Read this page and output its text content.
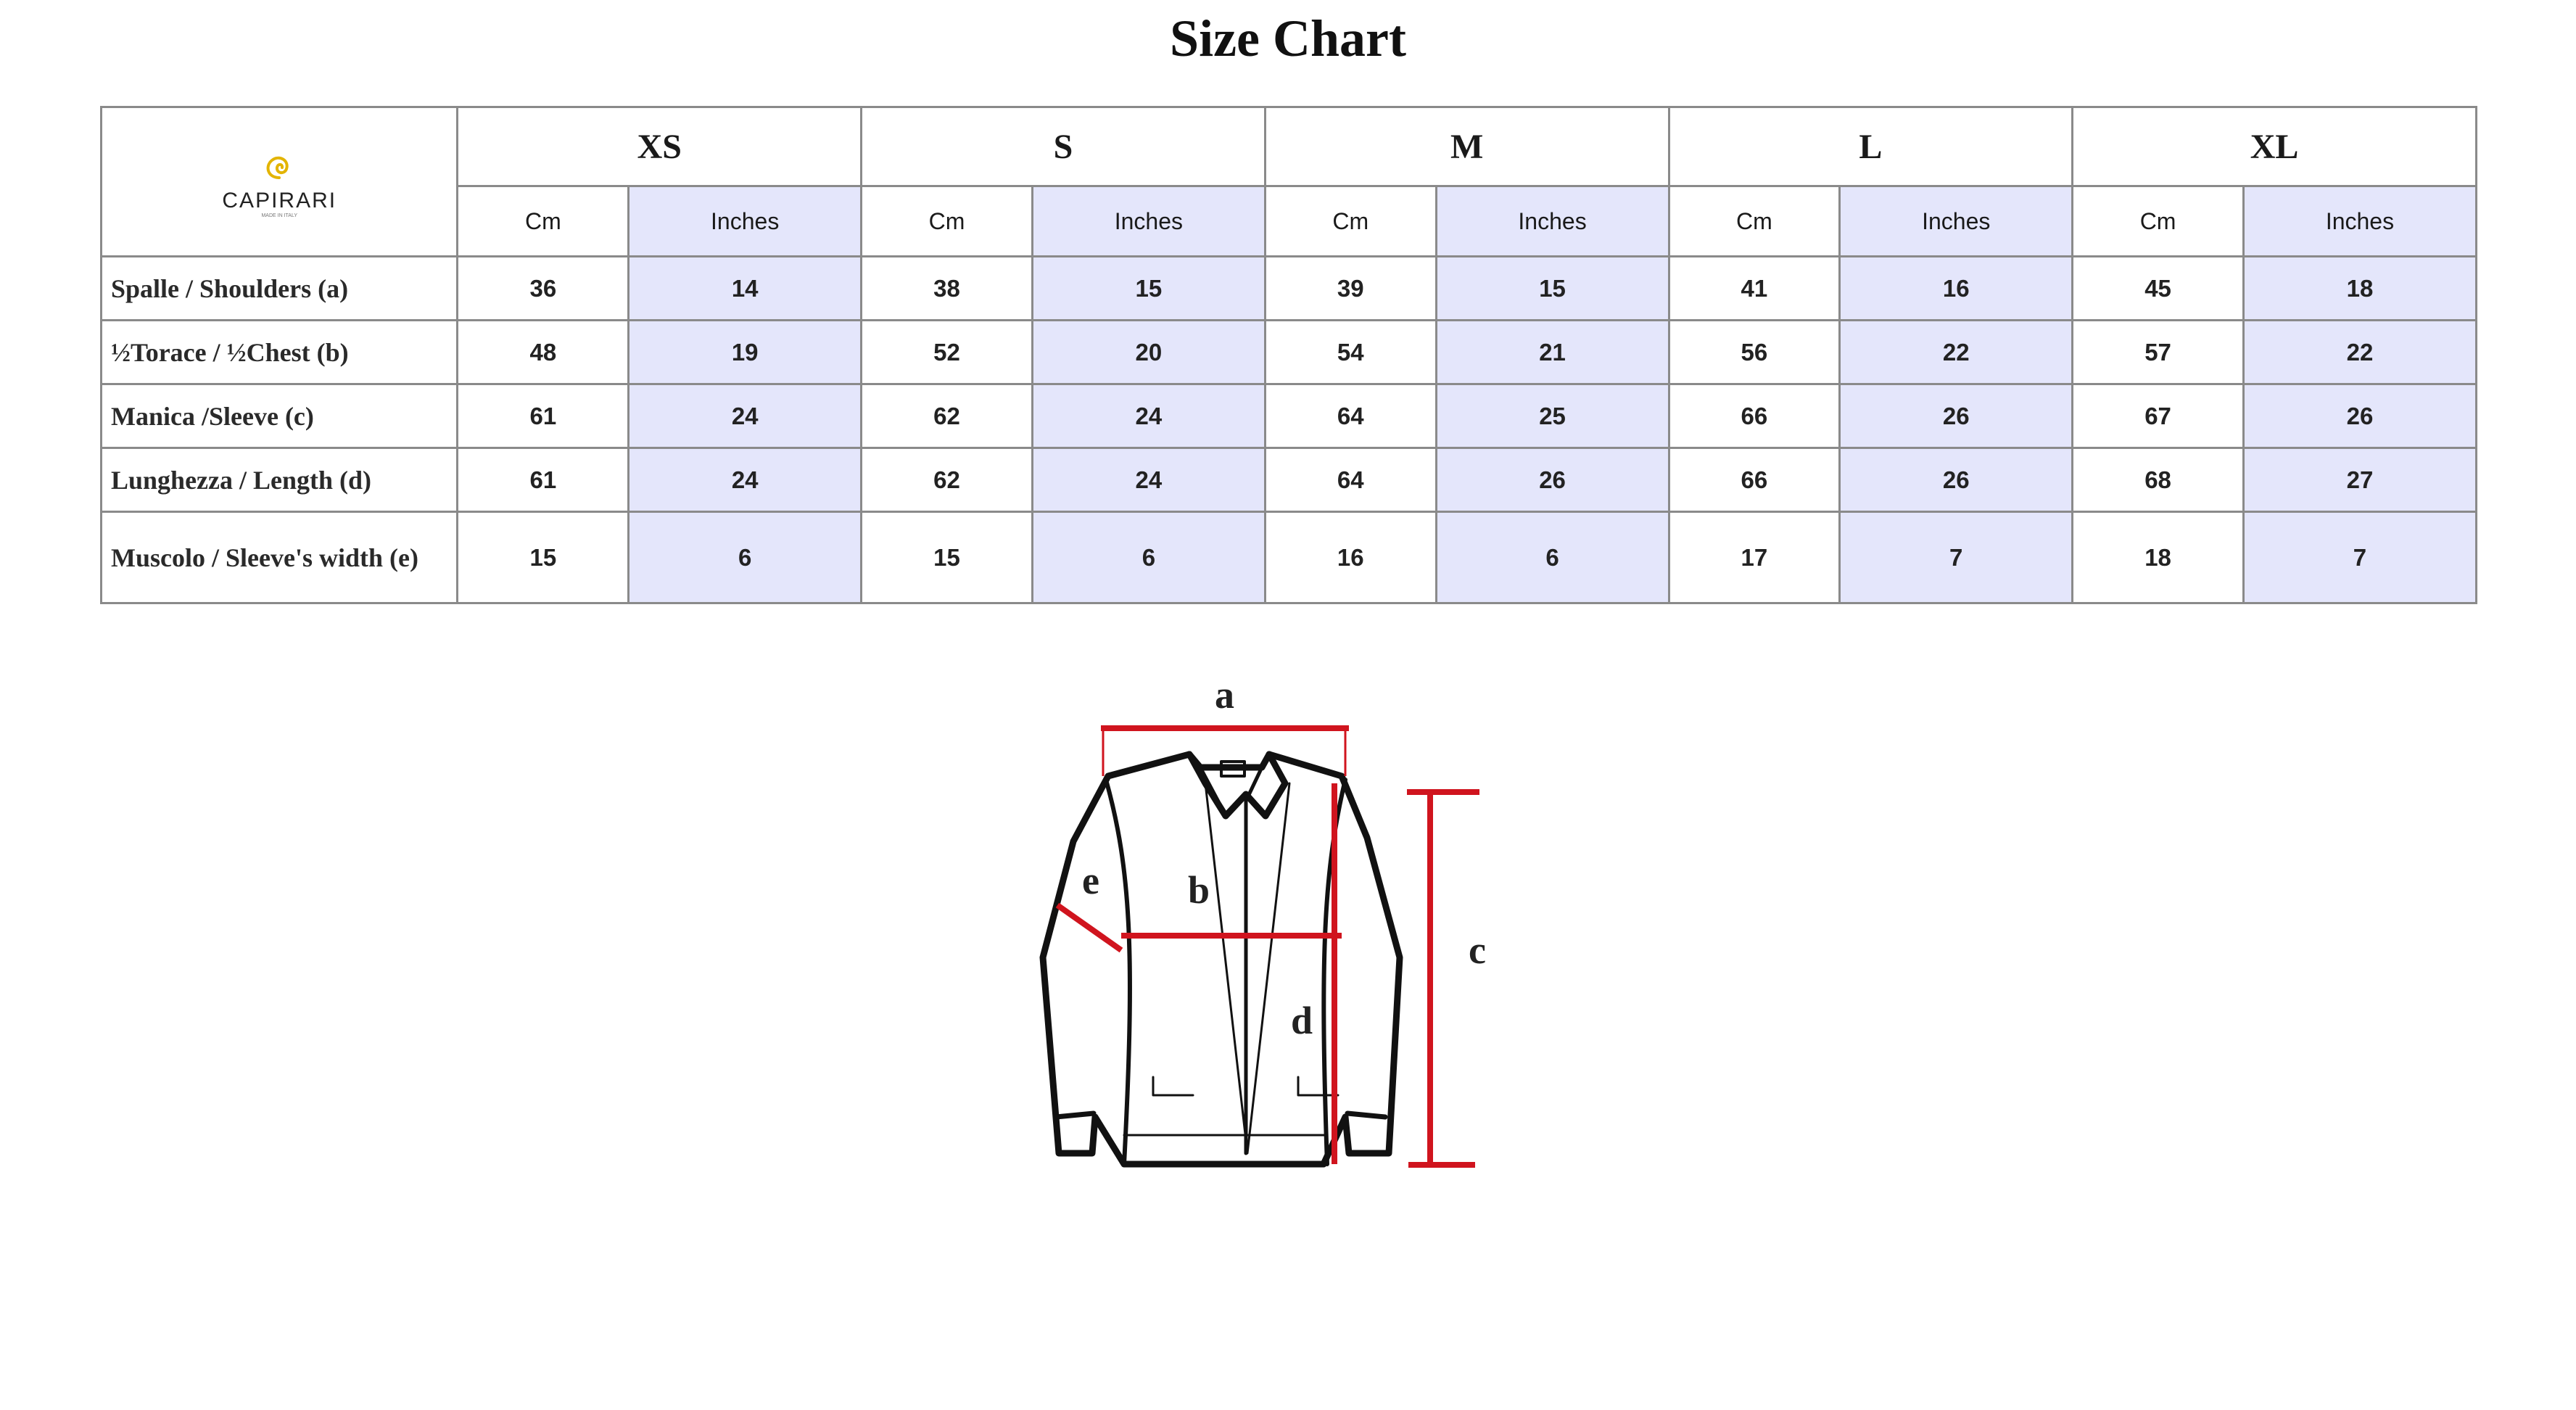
Size Chart
CAPIRARI
MADE IN ITALY	XS		S		M		L		XL	
	Cm	Inches	Cm	Inches	Cm	Inches	Cm	Inches	Cm	Inches
Spalle / Shoulders (a)	36	14	38	15	39	15	41	16	45	18
½Torace / ½Chest (b)	48	19	52	20	54	21	56	22	57	22
Manica /Sleeve (c)	61	24	62	24	64	25	66	26	67	26
Lunghezza / Length (d)	61	24	62	24	64	26	66	26	68	27
Muscolo / Sleeve's width (e)	15	6	15	6	16	6	17	7	18	7
a
b
c
d
e
